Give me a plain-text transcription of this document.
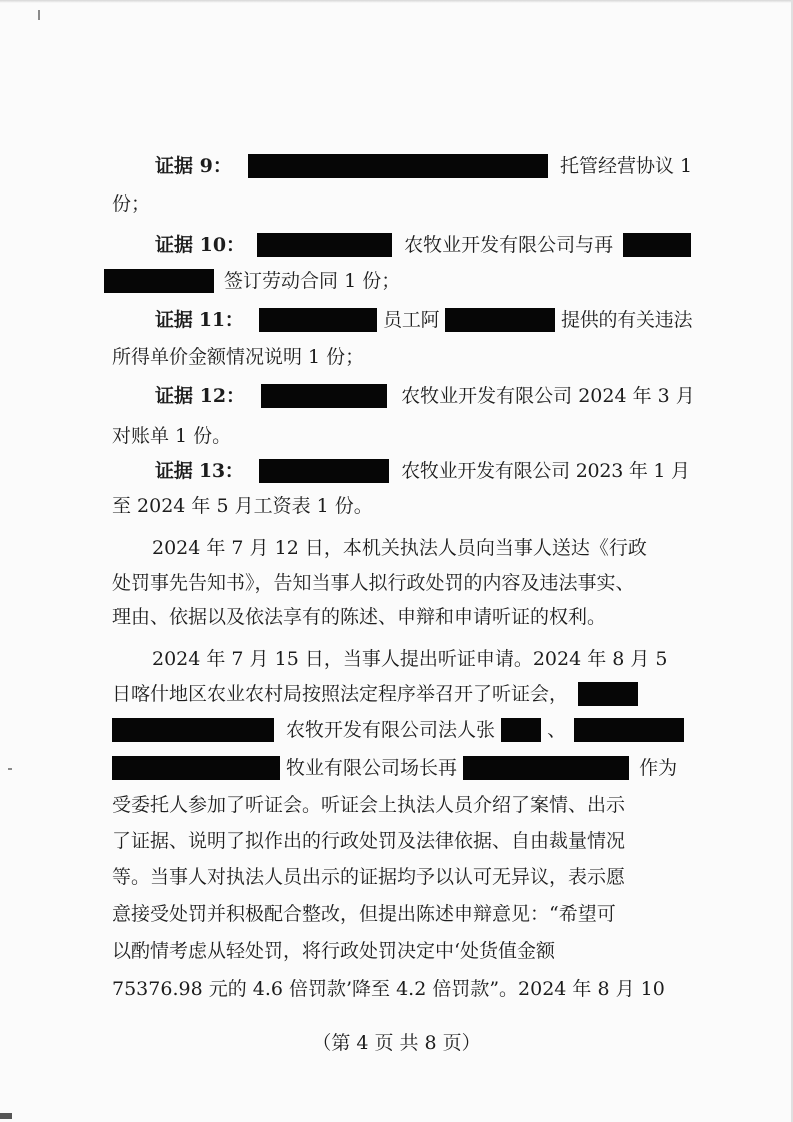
证据 9：	托管经营协议 1
份；
证据 10：	农牧业开发有限公司与再
签订劳动合同 1 份；
证据 11：	员工阿	提供的有关违法
所得单价金额情况说明 1 份；
证据 12：	农牧业开发有限公司 2024 年 3 月
对账单 1 份。
证据 13：	农牧业开发有限公司 2023 年 1 月
至 2024 年 5 月工资表 1 份。
2024 年 7 月 12 日，本机关执法人员向当事人送达《行政
处罚事先告知书》，告知当事人拟行政处罚的内容及违法事实、
理由、依据以及依法享有的陈述、申辩和申请听证的权利。
2024 年 7 月 15 日，当事人提出听证申请。2024 年 8 月 5
日喀什地区农业农村局按照法定程序举召开了听证会，
农牧开发有限公司法人张	、
牧业有限公司场长再	作为
受委托人参加了听证会。听证会上执法人员介绍了案情、出示
了证据、说明了拟作出的行政处罚及法律依据、自由裁量情况
等。当事人对执法人员出示的证据均予以认可无异议，表示愿
意接受处罚并积极配合整改，但提出陈述申辩意见：“希望可
以酌情考虑从轻处罚，将行政处罚决定中‘处货值金额
75376.98 元的 4.6 倍罚款’降至 4.2 倍罚款”。2024 年 8 月 10
（第 4 页 共 8 页）
